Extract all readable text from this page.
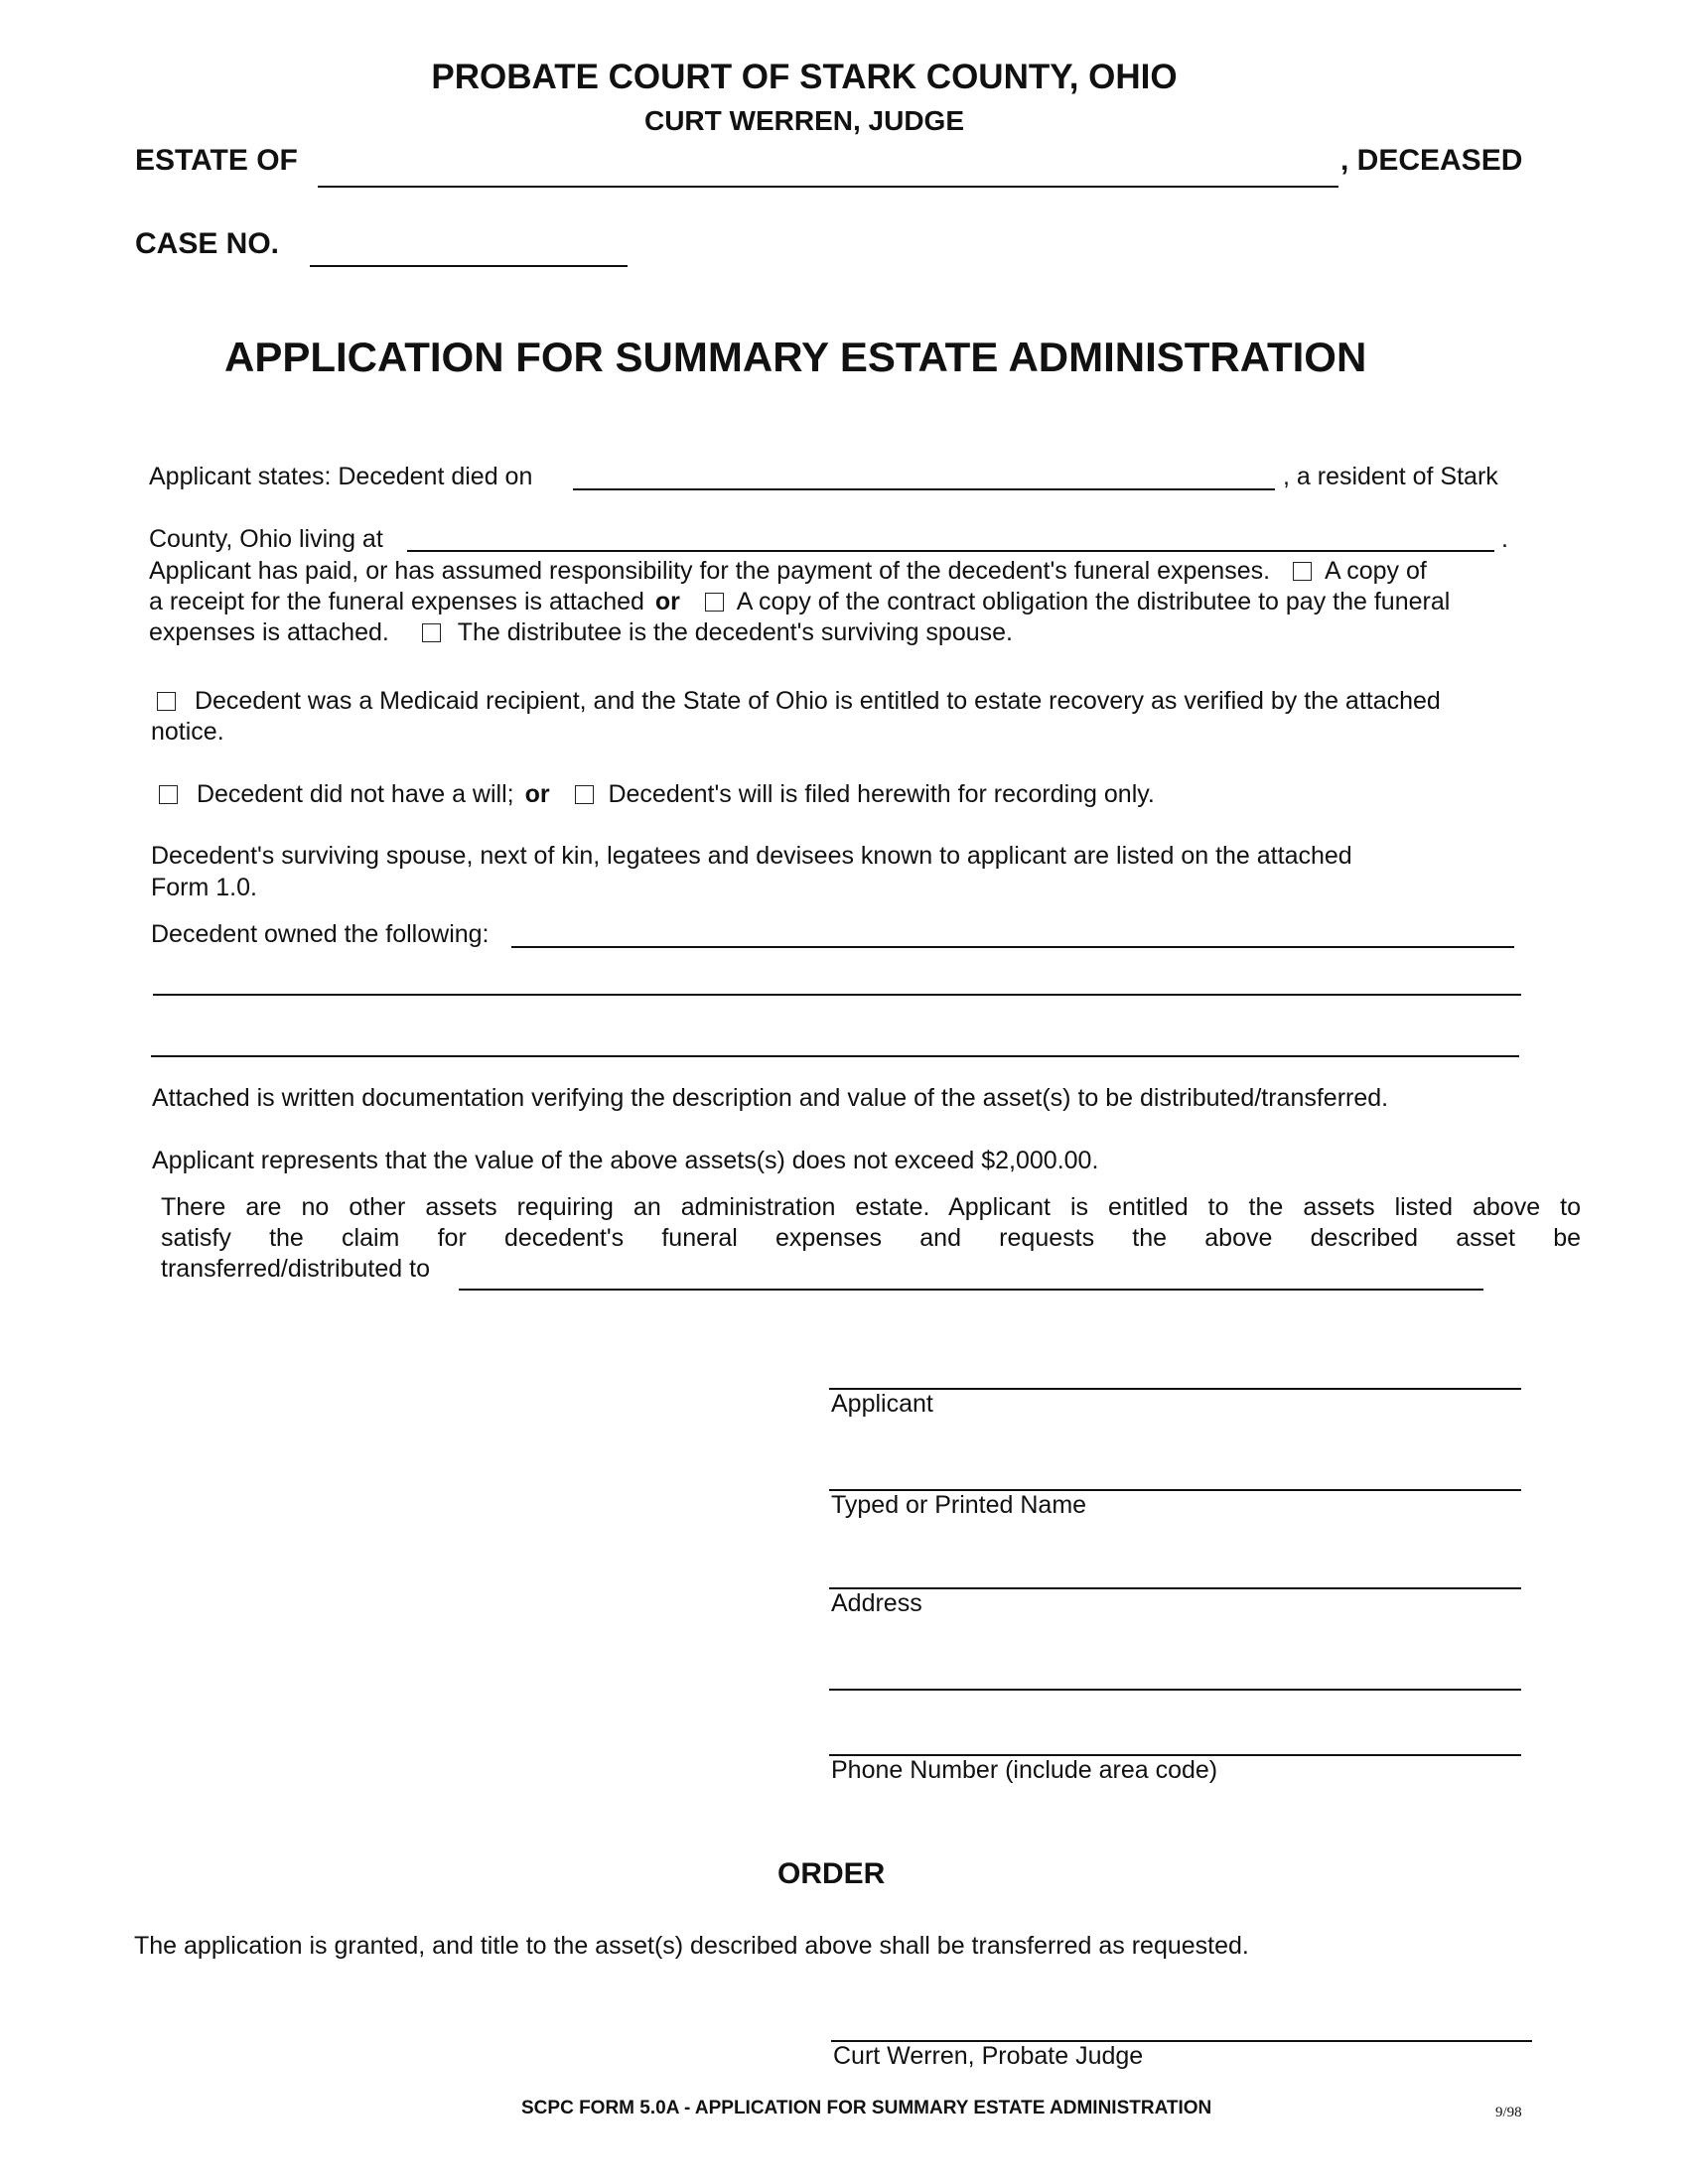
PROBATE COURT OF STARK COUNTY, OHIO
CURT WERREN, JUDGE
ESTATE OF	, DECEASED
CASE NO.
APPLICATION FOR SUMMARY ESTATE ADMINISTRATION
Applicant states: Decedent died on	, a resident of Stark
County, Ohio living at	.
Applicant has paid, or has assumed responsibility for the payment of the decedent's funeral expenses. A copy of
a receipt for the funeral expenses is attached or A copy of the contract obligation the distributee to pay the funeral
expenses is attached.	The distributee is the decedent's surviving spouse.
Decedent was a Medicaid recipient, and the State of Ohio is entitled to estate recovery as verified by the attached
notice.
Decedent did not have a will; or Decedent's will is filed herewith for recording only.
Decedent's surviving spouse, next of kin, legatees and devisees known to applicant are listed on the attached
Form 1.0.
Decedent owned the following:
Attached is written documentation verifying the description and value of the asset(s) to be distributed/transferred.
Applicant represents that the value of the above assets(s) does not exceed $2,000.00.
There are no other assets requiring an administration estate. Applicant is entitled to the assets listed above to
satisfy the claim for decedent's funeral expenses and requests the above described asset be
transferred/distributed to
Applicant
Typed or Printed Name
Address
Phone Number (include area code)
ORDER
The application is granted, and title to the asset(s) described above shall be transferred as requested.
Curt Werren, Probate Judge
SCPC FORM 5.0A - APPLICATION FOR SUMMARY ESTATE ADMINISTRATION	9/98
